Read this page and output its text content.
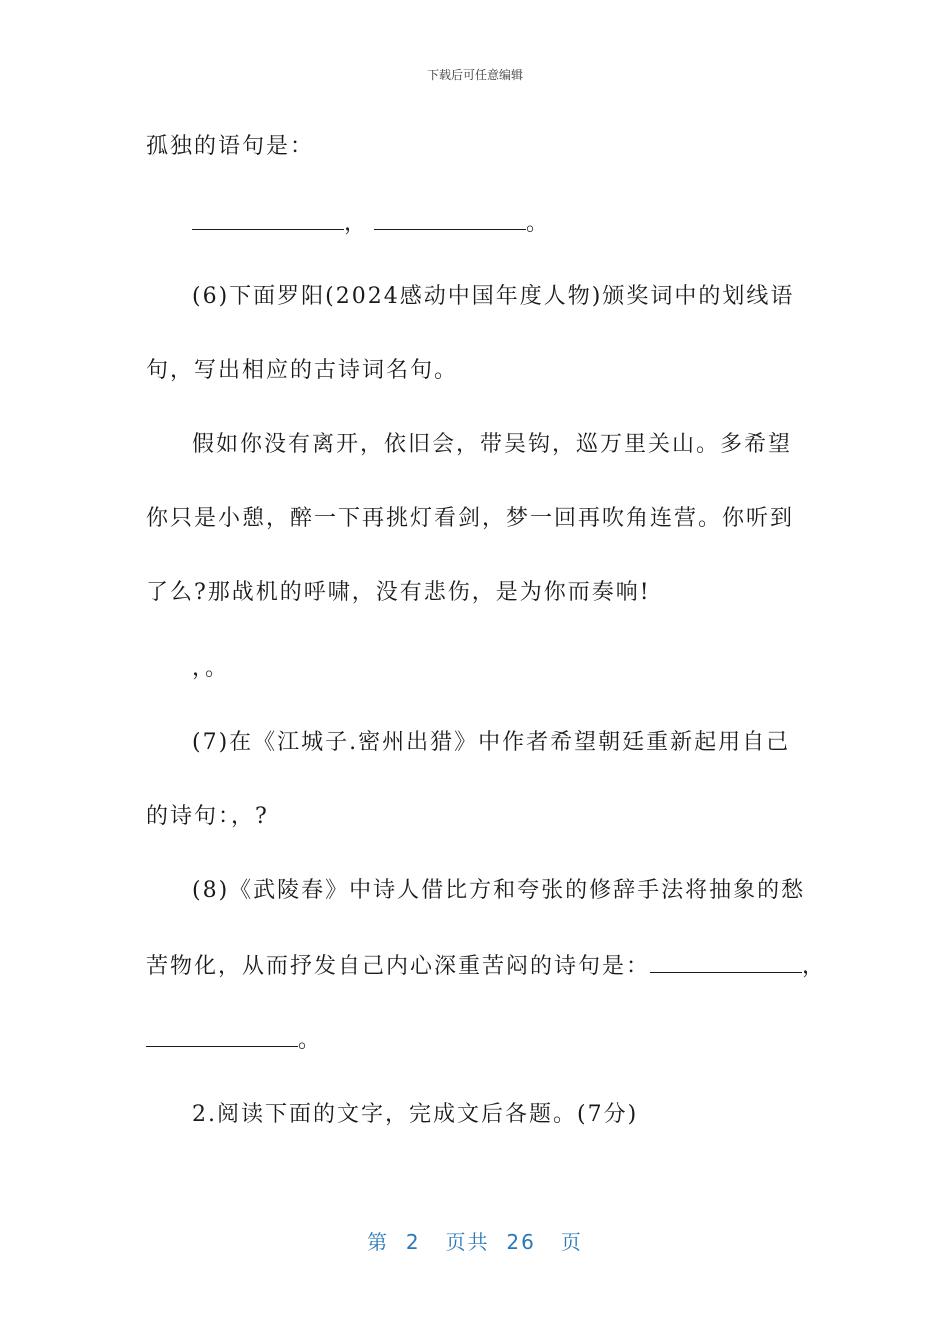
下载后可任意编辑
孤独的语句是：
，	。
(6)下面罗阳(2024感动中国年度人物)颁奖词中的划线语
句，写出相应的古诗词名句。
假如你没有离开，依旧会，带吴钩，巡万里关山。多希望
你只是小憩，醉一下再挑灯看剑，梦一回再吹角连营。你听到
了么?那战机的呼啸，没有悲伤，是为你而奏响!
，。
(7)在《江城子.密州出猎》中作者希望朝廷重新起用自己
的诗句：，?
(8)《武陵春》中诗人借比方和夸张的修辞手法将抽象的愁
苦物化，从而抒发自己内心深重苦闷的诗句是：	，
。
2.阅读下面的文字，完成文后各题。(7分)
第 2 页共 26 页
